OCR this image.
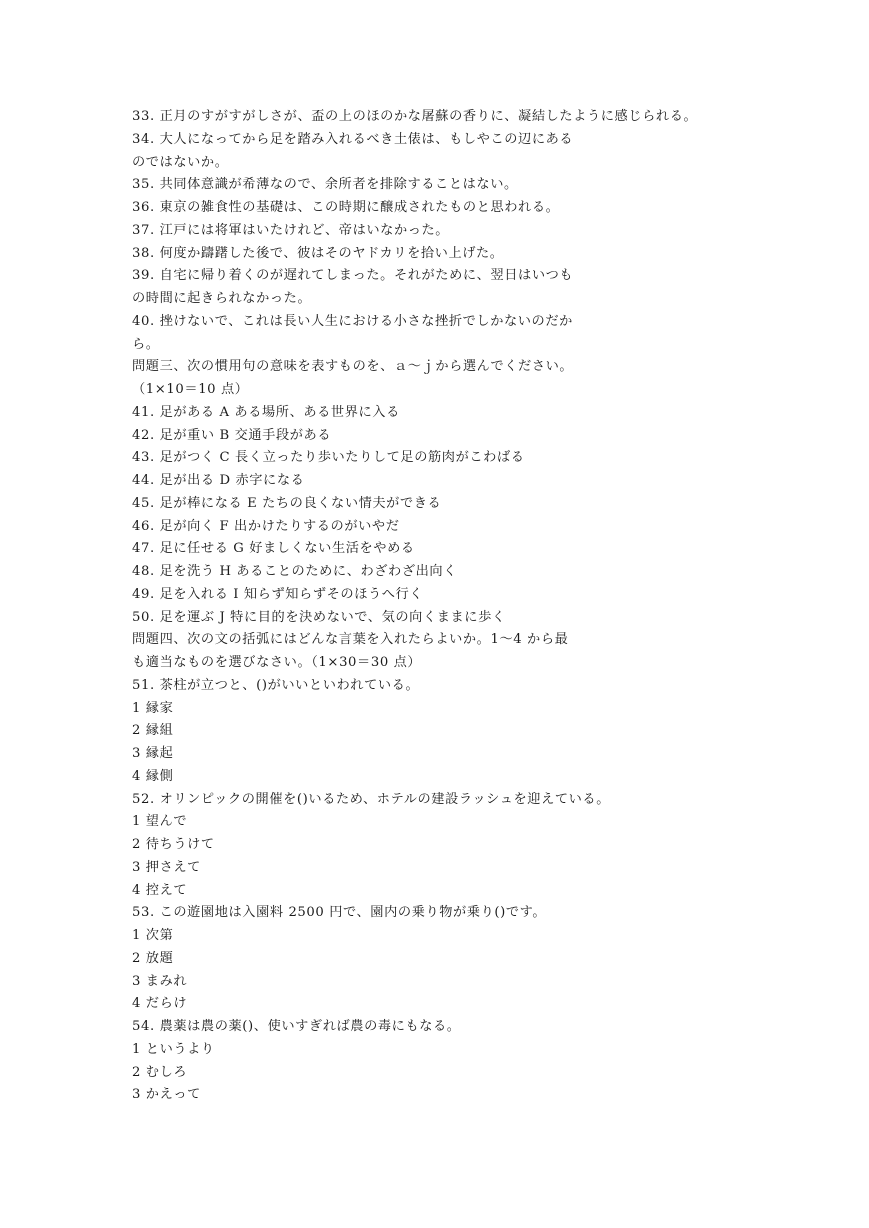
33. 正月のすがすがしさが、盃の上のほのかな屠蘇の香りに、凝結したように感じられる。
34. 大人になってから足を踏み入れるべき土俵は、もしやこの辺にある
のではないか。
35. 共同体意識が希薄なので、余所者を排除することはない。
36. 東京の雑食性の基礎は、この時期に醸成されたものと思われる。
37. 江戸には将軍はいたけれど、帝はいなかった。
38. 何度か躊躇した後で、彼はそのヤドカリを拾い上げた。
39. 自宅に帰り着くのが遅れてしまった。それがために、翌日はいつも
の時間に起きられなかった。
40. 挫けないで、これは長い人生における小さな挫折でしかないのだか
ら。
問題三、次の慣用句の意味を表すものを、ａ～ｊから選んでください。
（1×10＝10 点）
41. 足がある A ある場所、ある世界に入る
42. 足が重い B 交通手段がある
43. 足がつく C 長く立ったり歩いたりして足の筋肉がこわばる
44. 足が出る D 赤字になる
45. 足が棒になる E たちの良くない情夫ができる
46. 足が向く F 出かけたりするのがいやだ
47. 足に任せる G 好ましくない生活をやめる
48. 足を洗う H あることのために、わざわざ出向く
49. 足を入れる I 知らず知らずそのほうへ行く
50. 足を運ぶ J 特に目的を決めないで、気の向くままに歩く
問題四、次の文の括弧にはどんな言葉を入れたらよいか。1～4 から最
も適当なものを選びなさい。（1×30＝30 点）
51. 茶柱が立つと、()がいいといわれている。
1 縁家
2 縁組
3 縁起
4 縁側
52. オリンピックの開催を()いるため、ホテルの建設ラッシュを迎えている。
1 望んで
2 待ちうけて
3 押さえて
4 控えて
53. この遊園地は入園料 2500 円で、園内の乗り物が乗り()です。
1 次第
2 放題
3 まみれ
4 だらけ
54. 農薬は農の薬()、使いすぎれば農の毒にもなる。
1 というより
2 むしろ
3 かえって
